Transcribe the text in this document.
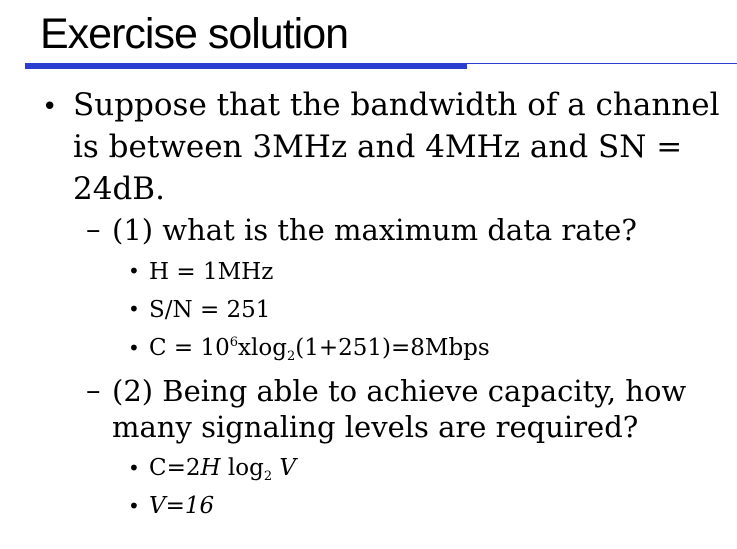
Exercise solution
• Suppose that the bandwidth of a channel is between 3MHz and 4MHz and SN = 24dB.
– (1) what is the maximum data rate?
• H = 1MHz
• S/N = 251
• $C = 10^6xlog_2(1+251)=8Mbps$
– (2) Being able to achieve capacity, how many signaling levels are required?
• C=2H $\log_2 V$
• V=16
